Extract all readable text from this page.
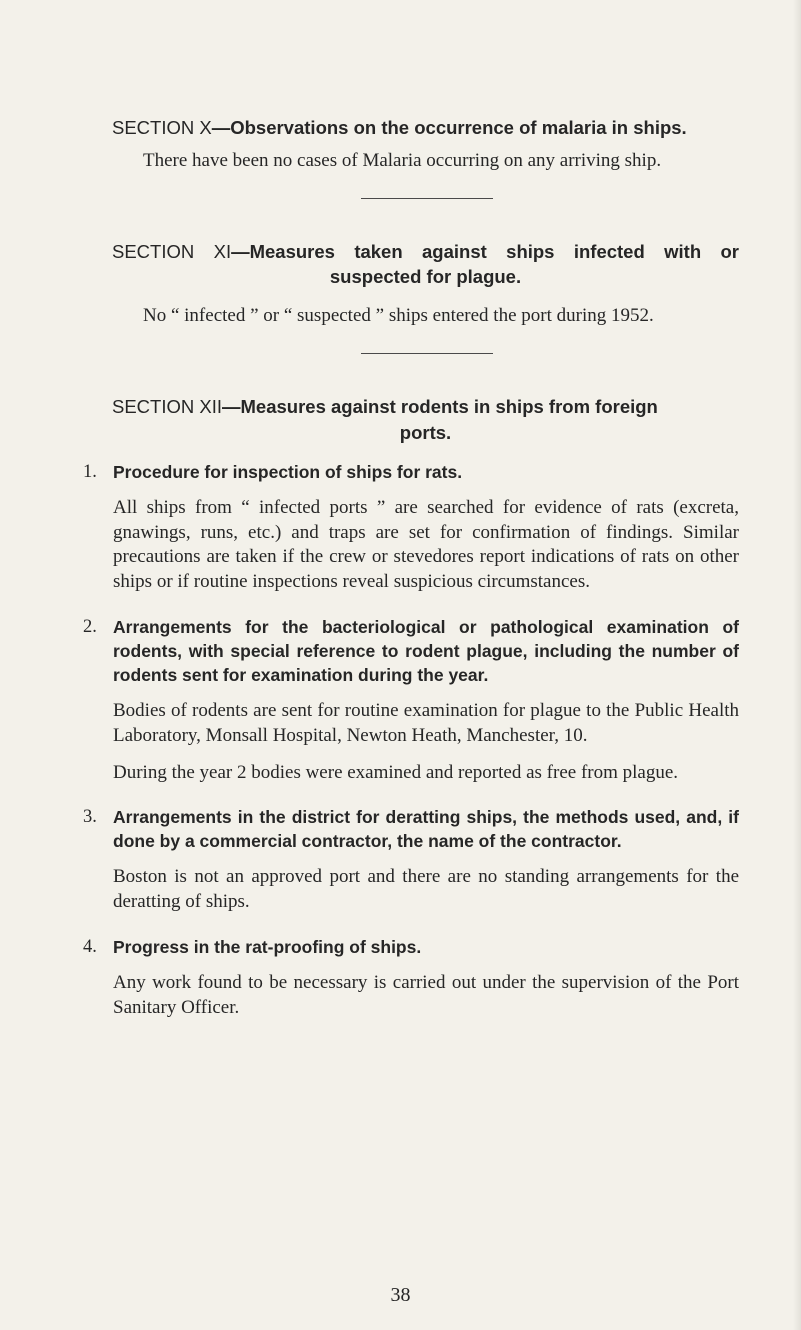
SECTION X—Observations on the occurrence of malaria in ships.

There have been no cases of Malaria occurring on any arriving ship.

SECTION XI—Measures taken against ships infected with or
suspected for plague.

No “ infected ” or “ suspected ” ships entered the port during 1952.

SECTION XII—Measures against rodents in ships from foreign
ports.
1. Procedure for inspection of ships for rats.

All ships from “ infected ports ” are searched for evidence of rats (excreta, gnawings, runs, etc.) and traps are set for confirmation of findings. Similar precautions are taken if the crew or stevedores report indications of rats on other ships or if routine inspections reveal suspicious circumstances.

2. Arrangements for the bacteriological or pathological examination of rodents, with special reference to rodent plague, including the number of rodents sent for examination during the year.

Bodies of rodents are sent for routine examination for plague to the Public Health Laboratory, Monsall Hospital, Newton Heath, Manchester, 10.

During the year 2 bodies were examined and reported as free from plague.

3. Arrangements in the district for deratting ships, the methods used, and, if done by a commercial contractor, the name of the contractor.

Boston is not an approved port and there are no standing arrangements for the deratting of ships.

4. Progress in the rat-proofing of ships.

Any work found to be necessary is carried out under the supervision of the Port Sanitary Officer.

38
